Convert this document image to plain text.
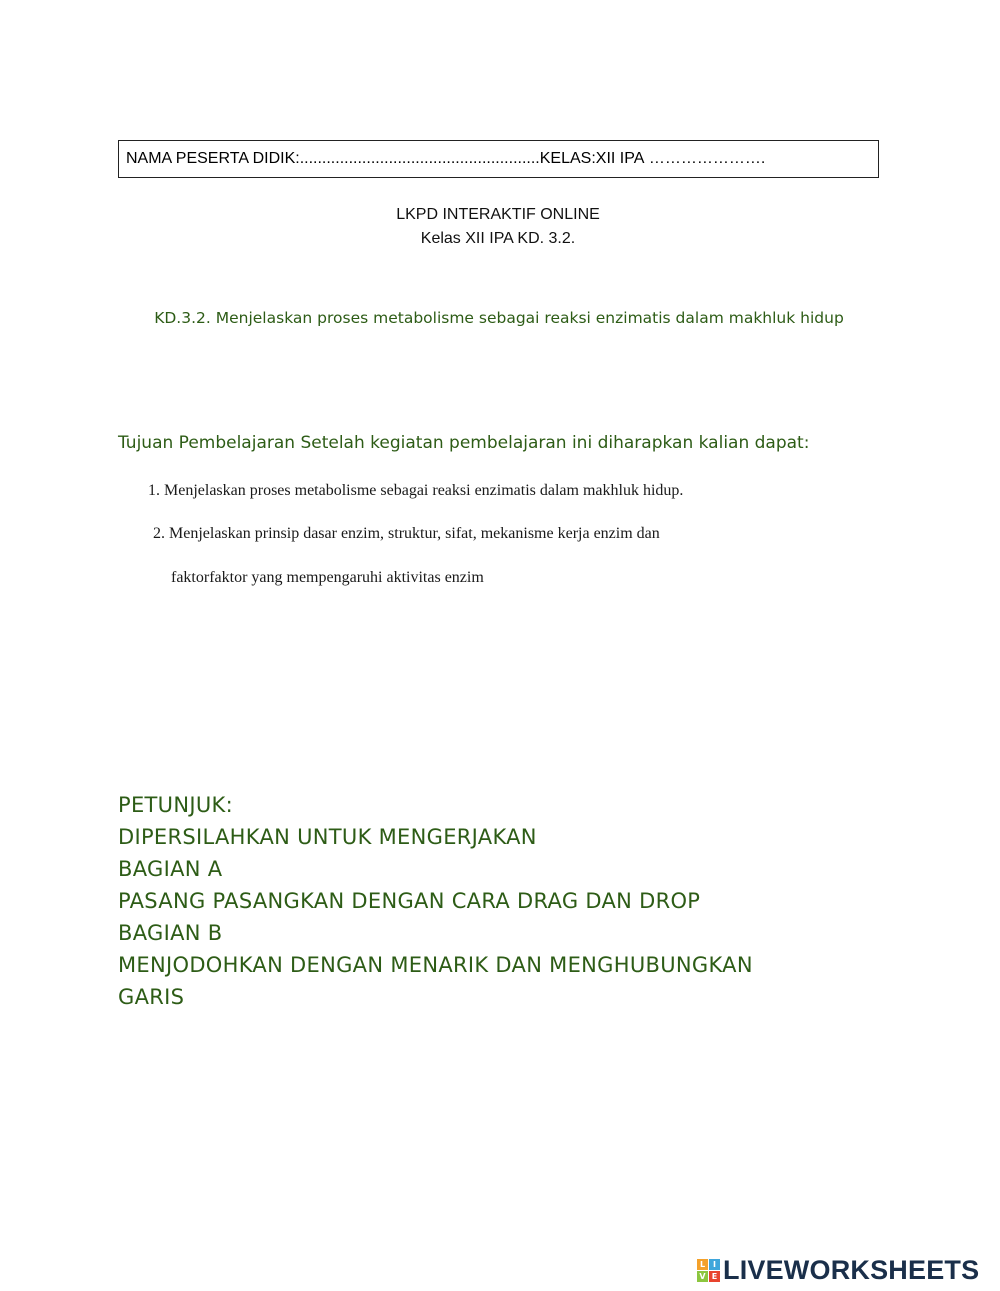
NAMA PESERTA DIDIK: ...................................................... KELAS:XII IPA ………………….
LKPD INTERAKTIF ONLINE
Kelas XII IPA KD. 3.2.
KD.3.2. Menjelaskan proses metabolisme sebagai reaksi enzimatis dalam makhluk hidup
Tujuan Pembelajaran Setelah kegiatan pembelajaran ini diharapkan kalian dapat:
1. Menjelaskan proses metabolisme sebagai reaksi enzimatis dalam makhluk hidup.
2. Menjelaskan prinsip dasar enzim, struktur, sifat, mekanisme kerja enzim dan
faktorfaktor yang mempengaruhi aktivitas enzim
PETUNJUK:
DIPERSILAHKAN UNTUK MENGERJAKAN
BAGIAN A
PASANG PASANGKAN DENGAN CARA DRAG DAN DROP
BAGIAN B
MENJODOHKAN DENGAN MENARIK DAN MENGHUBUNGKAN
GARIS
L I
V E LIVEWORKSHEETS
